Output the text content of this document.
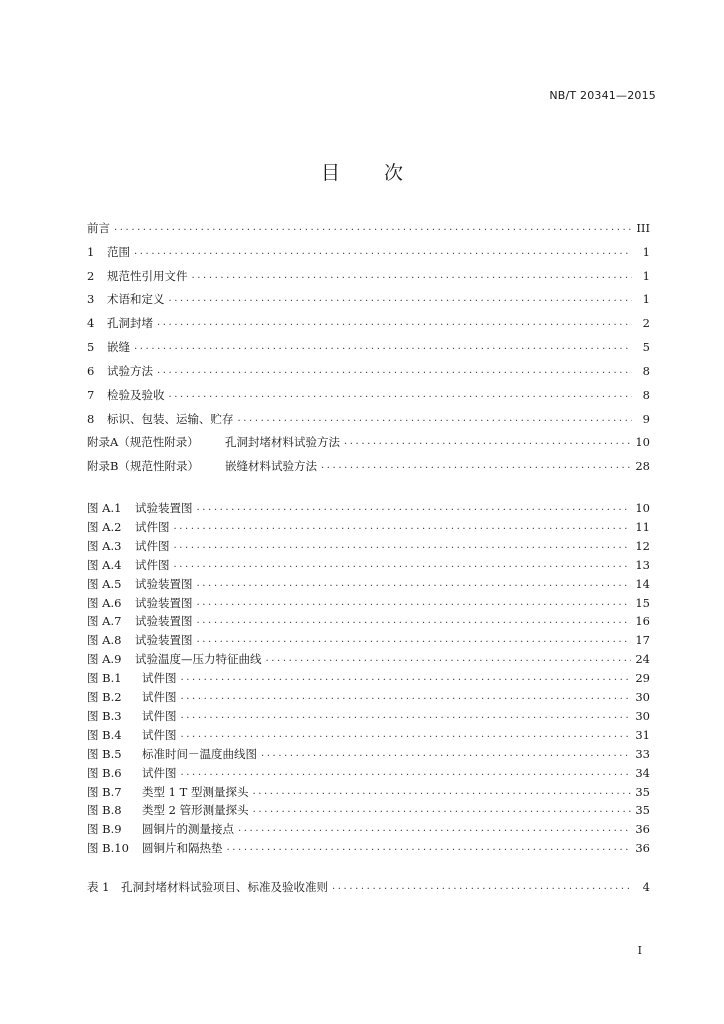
NB/T 20341—2015
目 次
前言 .....	III
1 范围 .....	1
2 规范性引用文件 .....	1
3 术语和定义 .....	1
4 孔洞封堵 .....	2
5 嵌缝 .....	5
6 试验方法 .....	8
7 检验及验收 .....	8
8 标识、包装、运输、贮存 .....	9
附录A（规范性附录）	孔洞封堵材料试验方法 .....	10
附录B（规范性附录）	嵌缝材料试验方法 .....	28
图 A.1	试验装置图 .....	10
图 A.2	试件图 .....	11
图 A.3	试件图 .....	12
图 A.4	试件图 .....	13
图 A.5	试验装置图 .....	14
图 A.6	试验装置图 .....	15
图 A.7	试验装置图 .....	16
图 A.8	试验装置图 .....	17
图 A.9	试验温度—压力特征曲线 .....	24
图 B.1	试件图 .....	29
图 B.2	试件图 .....	30
图 B.3	试件图 .....	30
图 B.4	试件图 .....	31
图 B.5	标准时间－温度曲线图 .....	33
图 B.6	试件图 .....	34
图 B.7	类型 1 T 型测量探头 .....	35
图 B.8	类型 2 管形测量探头 .....	35
图 B.9	圆铜片的测量接点 .....	36
图 B.10	圆铜片和隔热垫 .....	36
表 1	孔洞封堵材料试验项目、标准及验收准则 .....	4
I
